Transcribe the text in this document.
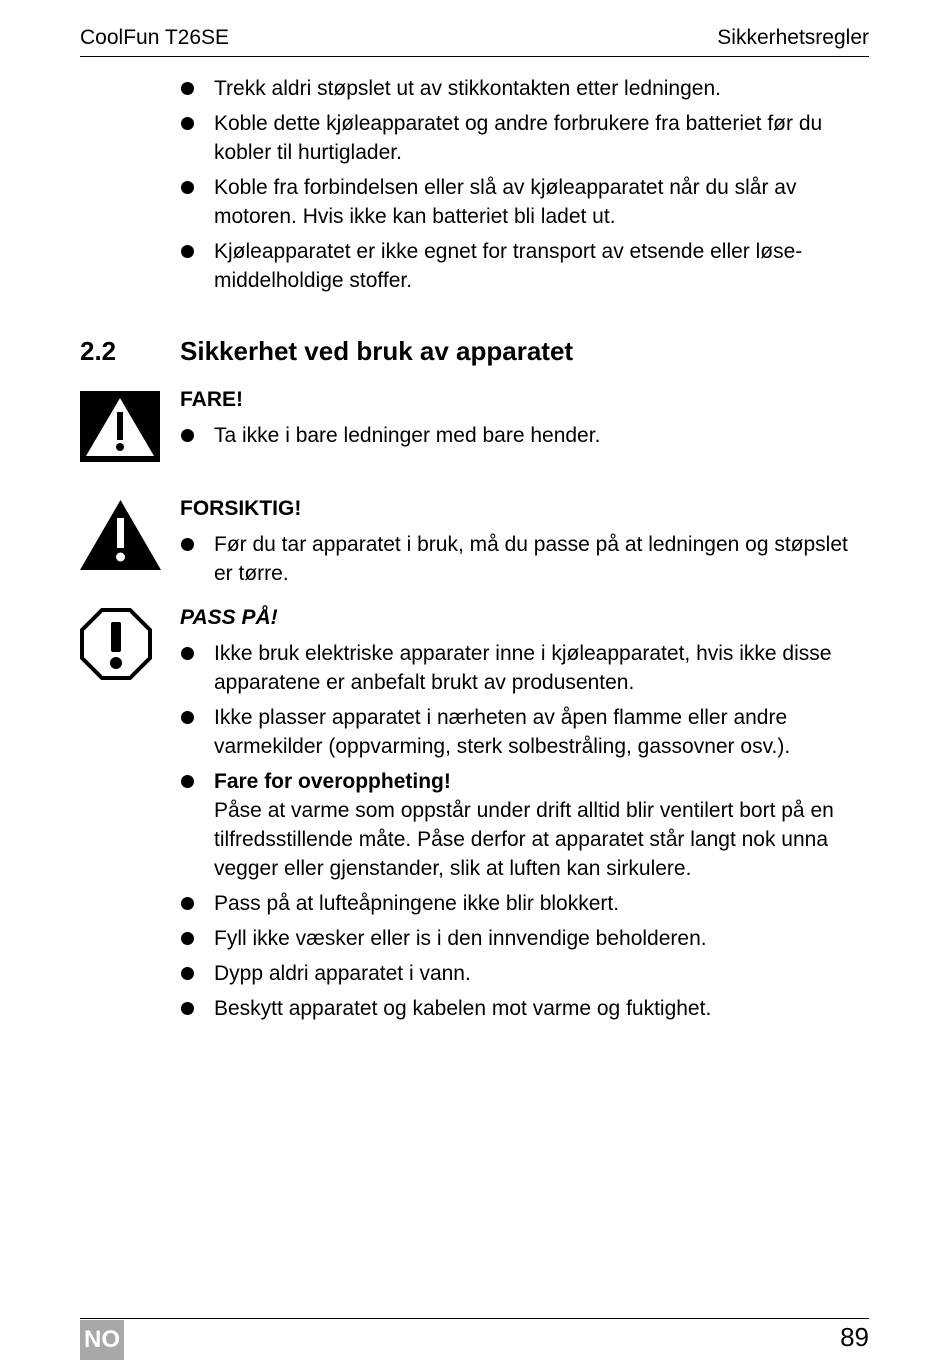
CoolFun T26SE	Sikkerhetsregler
Trekk aldri støpslet ut av stikkontakten etter ledningen.
Koble dette kjøleapparatet og andre forbrukere fra batteriet før du kobler til hurtiglader.
Koble fra forbindelsen eller slå av kjøleapparatet når du slår av motoren. Hvis ikke kan batteriet bli ladet ut.
Kjøleapparatet er ikke egnet for transport av etsende eller løse-middelholdige stoffer.
2.2 Sikkerhet ved bruk av apparatet
FARE!
Ta ikke i bare ledninger med bare hender.
FORSIKTIG!
Før du tar apparatet i bruk, må du passe på at ledningen og støpslet er tørre.
PASS PÅ!
Ikke bruk elektriske apparater inne i kjøleapparatet, hvis ikke disse apparatene er anbefalt brukt av produsenten.
Ikke plasser apparatet i nærheten av åpen flamme eller andre varmekilder (oppvarming, sterk solbestråling, gassovner osv.).
Fare for overoppheting!
Påse at varme som oppstår under drift alltid blir ventilert bort på en tilfredsstillende måte. Påse derfor at apparatet står langt nok unna vegger eller gjenstander, slik at luften kan sirkulere.
Pass på at lufteåpningene ikke blir blokkert.
Fyll ikke væsker eller is i den innvendige beholderen.
Dypp aldri apparatet i vann.
Beskytt apparatet og kabelen mot varme og fuktighet.
NO	89
